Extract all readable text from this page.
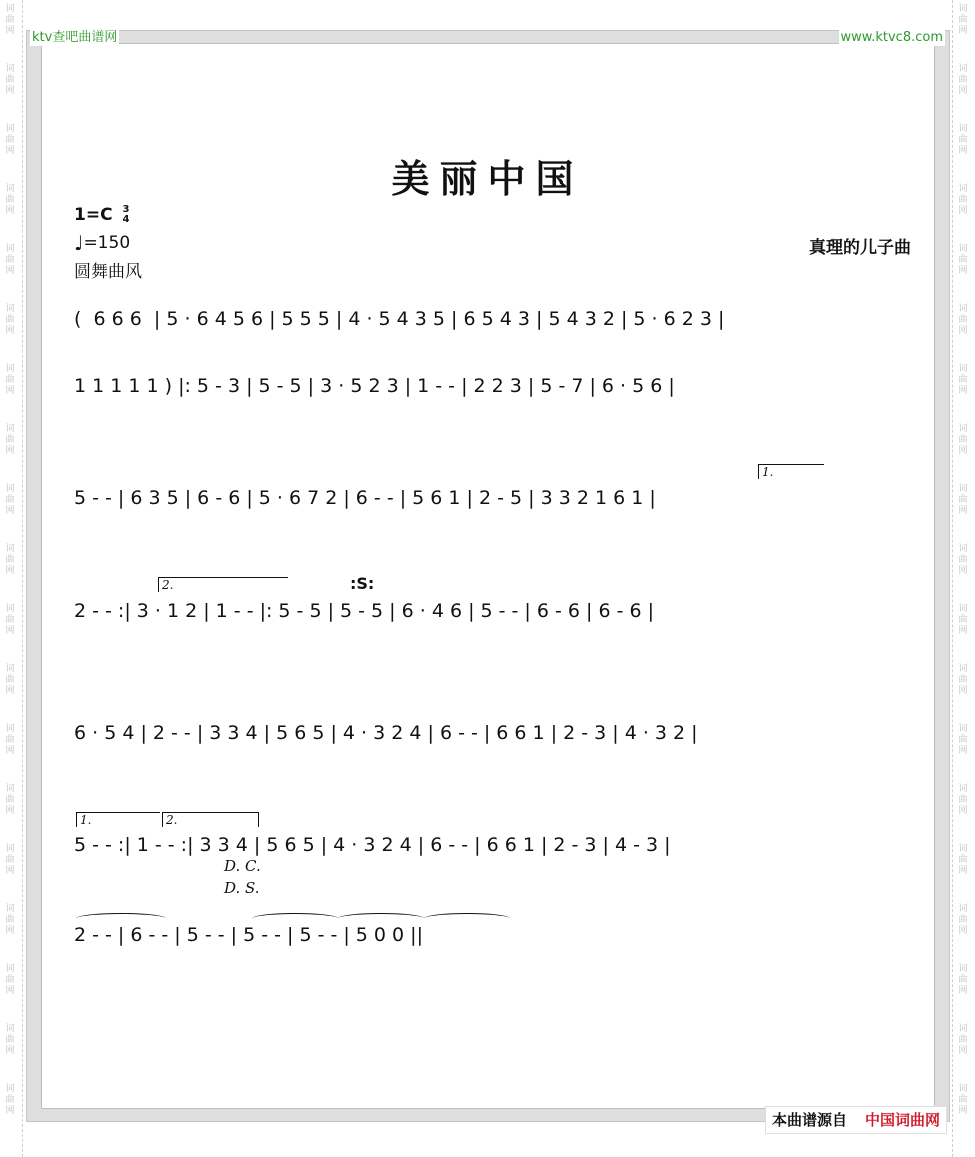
词
曲
网
词
曲
网
词
曲
网
词
曲
网
词
曲
网
词
曲
网
词
曲
网
词
曲
网
词
曲
网
词
曲
网
词
曲
网
词
曲
网
词
曲
网
词
曲
网
词
曲
网
词
曲
网
词
曲
网
词
曲
网
词
曲
网
词
曲
网
词
曲
网
词
曲
网
词
曲
网
词
曲
网
词
曲
网
词
曲
网
词
曲
网
词
曲
网
词
曲
网
词
曲
网
词
曲
网
词
曲
网
词
曲
网
词
曲
网
词
曲
网
词
曲
网
词
曲
网
词
曲
网
ktv查吧曲谱网	www.ktvc8.com
美丽中国
1=C 3
4
♩=150
圆舞曲风
真理的儿子曲
(  6 6 6  | 5 · 6 4 5 6 | 5 5 5 | 4 · 5 4 3 5 | 6 5 4 3 | 5 4 3 2 | 5 · 6 2 3 |
1 1 1 1 1 ) |: 5 - 3 | 5 - 5 | 3 · 5 2 3 | 1 - - | 2 2 3 | 5 - 7 | 6 · 5 6 |
5 - - | 6 3 5 | 6 - 6 | 5 · 6 7 2 | 6 - - | 5 6 1 | 2 - 5 | 3 3 2 1 6 1 |
2 - - :| 3 · 1 2 | 1 - - |: 5 - 5 | 5 - 5 | 6 · 4 6 | 5 - - | 6 - 6 | 6 - 6 |
6 · 5 4 | 2 - - | 3 3 4 | 5 6 5 | 4 · 3 2 4 | 6 - - | 6 6 1 | 2 - 3 | 4 · 3 2 |
5 - - :| 1 - - :| 3 3 4 | 5 6 5 | 4 · 3 2 4 | 6 - - | 6 6 1 | 2 - 3 | 4 - 3 |
2 - - | 6 - - | 5 - - | 5 - - | 5 - - | 5 0 0 ||
1.
2.
1.	2.
:S:
D. C.
D. S.
本曲谱源自 中国词曲网
